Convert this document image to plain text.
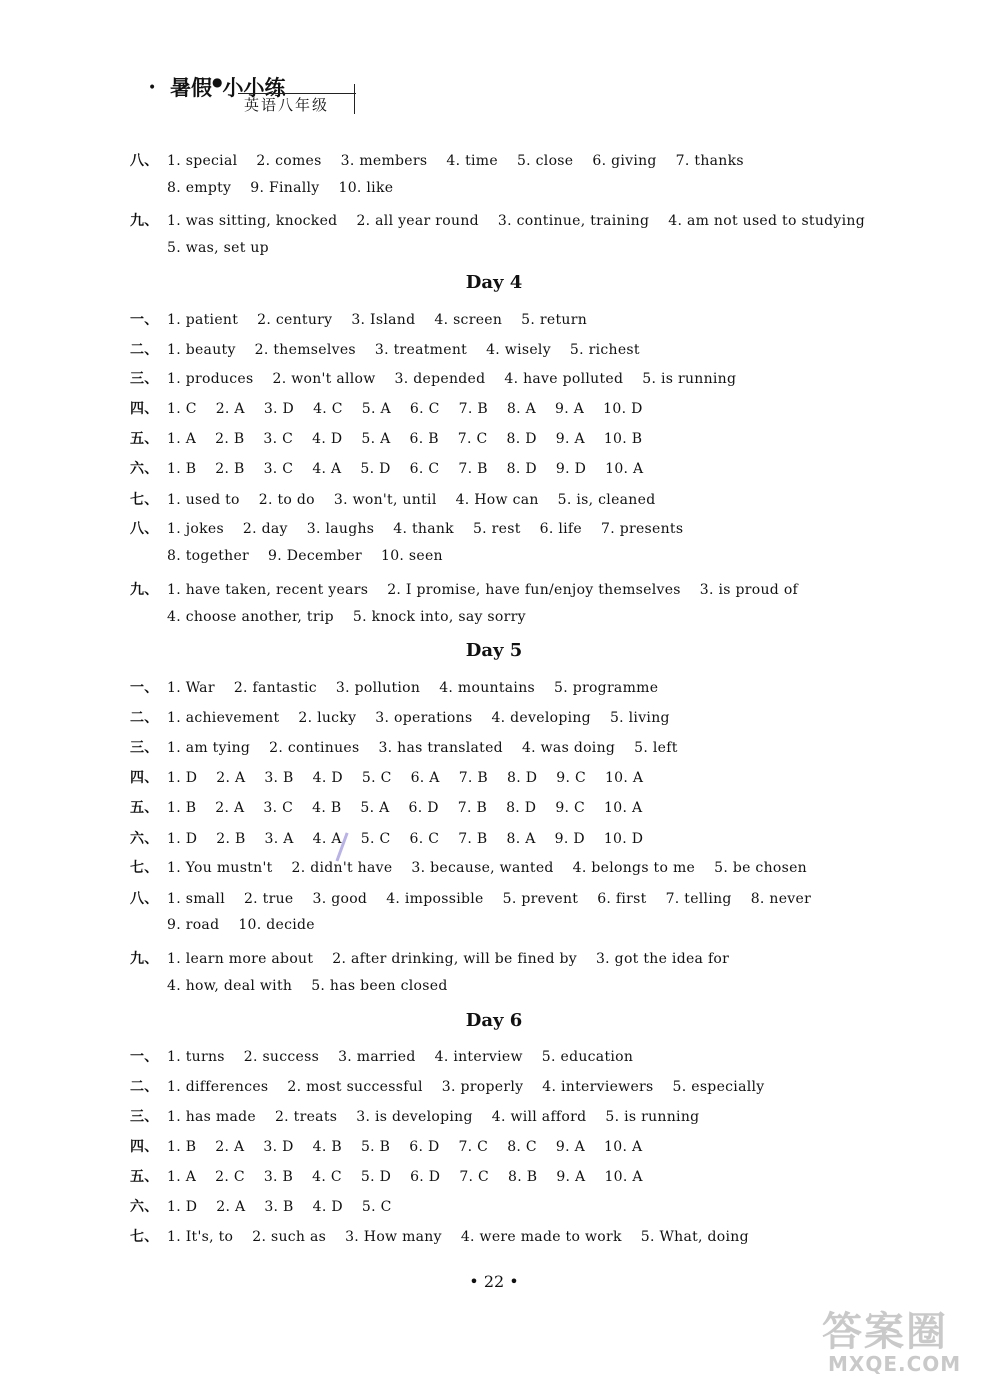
• 暑假●小小练
英语八年级
八、 1. special    2. comes    3. members    4. time    5. close    6. giving    7. thanks
8. empty    9. Finally    10. like
九、 1. was sitting, knocked    2. all year round    3. continue, training    4. am not used to studying
5. was, set up
Day 4
一、 1. patient    2. century    3. Island    4. screen    5. return
二、 1. beauty    2. themselves    3. treatment    4. wisely    5. richest
三、 1. produces    2. won't allow    3. depended    4. have polluted    5. is running
四、 1. C    2. A    3. D    4. C    5. A    6. C    7. B    8. A    9. A    10. D
五、 1. A    2. B    3. C    4. D    5. A    6. B    7. C    8. D    9. A    10. B
六、 1. B    2. B    3. C    4. A    5. D    6. C    7. B    8. D    9. D    10. A
七、 1. used to    2. to do    3. won't, until    4. How can    5. is, cleaned
八、 1. jokes    2. day    3. laughs    4. thank    5. rest    6. life    7. presents
8. together    9. December    10. seen
九、 1. have taken, recent years    2. I promise, have fun/enjoy themselves    3. is proud of
4. choose another, trip    5. knock into, say sorry
Day 5
一、 1. War    2. fantastic    3. pollution    4. mountains    5. programme
二、 1. achievement    2. lucky    3. operations    4. developing    5. living
三、 1. am tying    2. continues    3. has translated    4. was doing    5. left
四、 1. D    2. A    3. B    4. D    5. C    6. A    7. B    8. D    9. C    10. A
五、 1. B    2. A    3. C    4. B    5. A    6. D    7. B    8. D    9. C    10. A
六、 1. D    2. B    3. A    4. A    5. C    6. C    7. B    8. A    9. D    10. D
七、 1. You mustn't    2. didn't have    3. because, wanted    4. belongs to me    5. be chosen
八、 1. small    2. true    3. good    4. impossible    5. prevent    6. first    7. telling    8. never
9. road    10. decide
九、 1. learn more about    2. after drinking, will be fined by    3. got the idea for
4. how, deal with    5. has been closed
Day 6
一、 1. turns    2. success    3. married    4. interview    5. education
二、 1. differences    2. most successful    3. properly    4. interviewers    5. especially
三、 1. has made    2. treats    3. is developing    4. will afford    5. is running
四、 1. B    2. A    3. D    4. B    5. B    6. D    7. C    8. C    9. A    10. A
五、 1. A    2. C    3. B    4. C    5. D    6. D    7. C    8. B    9. A    10. A
六、 1. D    2. A    3. B    4. D    5. C
七、 1. It's, to    2. such as    3. How many    4. were made to work    5. What, doing
• 22 •
答案圈
MXQE.COM
